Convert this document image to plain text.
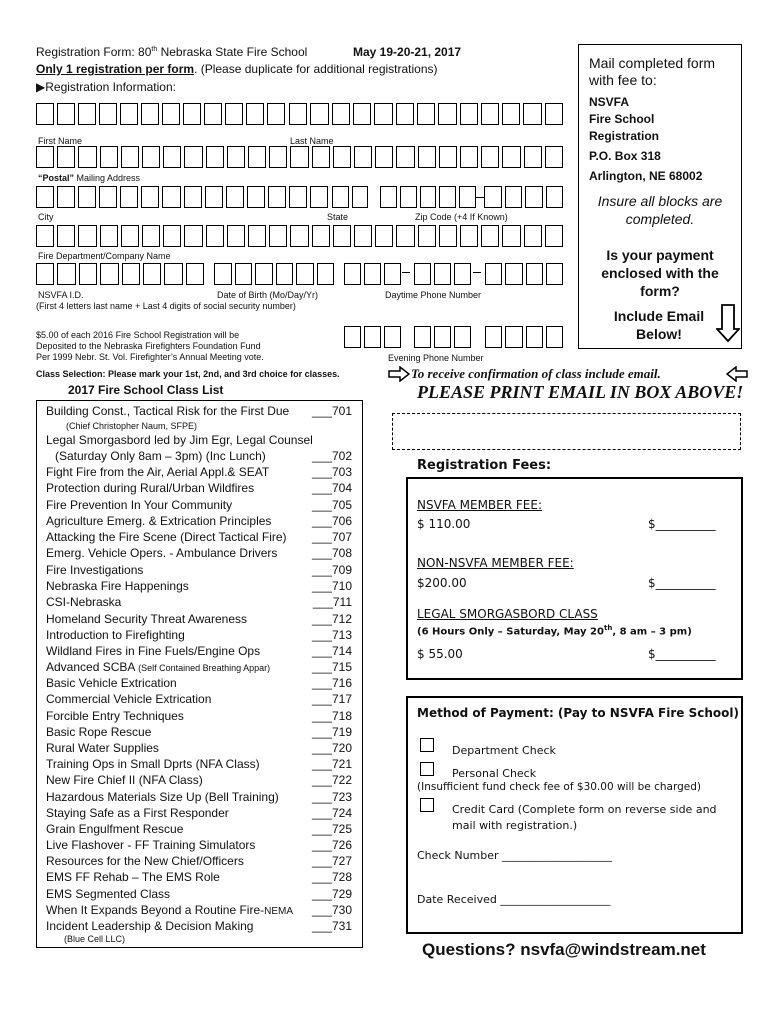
Registration Form: 80th Nebraska State Fire School	May 19-20-21, 2017
Only 1 registration per form. (Please duplicate for additional registrations)
▶Registration Information:
Mail completed form with fee to:
NSVFA
Fire School
Registration
P.O. Box 318
Arlington, NE 68002
Insure all blocks are completed.
Is your payment enclosed with the form?
Include Email Below!
First Name	Last Name
“Postal” Mailing Address
City	State	Zip Code (+4 If Known)
Fire Department/Company Name
NSVFA I.D.
(First 4 letters last name + Last 4 digits of social security number)
Date of Birth (Mo/Day/Yr)	Daytime Phone Number
$5.00 of each 2016 Fire School Registration will be
Deposited to the Nebraska Firefighters Foundation Fund
Per 1999 Nebr. St. Vol. Firefighter’s Annual Meeting vote.	Evening Phone Number
Class Selection: Please mark your 1st, 2nd, and 3rd choice for classes.	To receive confirmation of class include email.
PLEASE PRINT EMAIL IN BOX ABOVE!
2017 Fire School Class List
Building Const., Tactical Risk for the First Due ___701
(Chief Christopher Naum, SFPE)
Legal Smorgasbord led by Jim Egr, Legal Counsel
(Saturday Only 8am – 3pm) (Inc Lunch)	___702
Fight Fire from the Air, Aerial Appl.& SEAT	___703
Protection during Rural/Urban Wildfires	___704
Fire Prevention In Your Community	___705
Agriculture Emerg. & Extrication Principles	___706
Attacking the Fire Scene (Direct Tactical Fire) ___707
Emerg. Vehicle Opers. - Ambulance Drivers	___708
Fire Investigations	___709
Nebraska Fire Happenings	___710
CSI-Nebraska	___711
Homeland Security Threat Awareness	___712
Introduction to Firefighting	___713
Wildland Fires in Fine Fuels/Engine Ops	___714
Advanced SCBA (Self Contained Breathing Appar)	___715
Basic Vehicle Extrication	___716
Commercial Vehicle Extrication	___717
Forcible Entry Techniques	___718
Basic Rope Rescue	___719
Rural Water Supplies	___720
Training Ops in Small Dprts (NFA Class)	___721
New Fire Chief II (NFA Class)	___722
Hazardous Materials Size Up (Bell Training)	___723
Staying Safe as a First Responder	___724
Grain Engulfment Rescue	___725
Live Flashover - FF Training Simulators	___726
Resources for the New Chief/Officers	___727
EMS FF Rehab – The EMS Role	___728
EMS Segmented Class	___729
When It Expands Beyond a Routine Fire-NEMA ___730
Incident Leadership & Decision Making	___731
(Blue Cell LLC)
Registration Fees:
NSVFA MEMBER FEE:
$ 110.00	$__________
NON-NSVFA MEMBER FEE:
$200.00	$__________
LEGAL SMORGASBORD CLASS
(6 Hours Only – Saturday, May 20th, 8 am – 3 pm)
$ 55.00	$__________
Method of Payment: (Pay to NSVFA Fire School)
Department Check
Personal Check
(Insufficient fund check fee of $30.00 will be charged)
Credit Card (Complete form on reverse side and mail with registration.)
Check Number ____________________
Date Received ____________________
Questions? nsvfa@windstream.net
